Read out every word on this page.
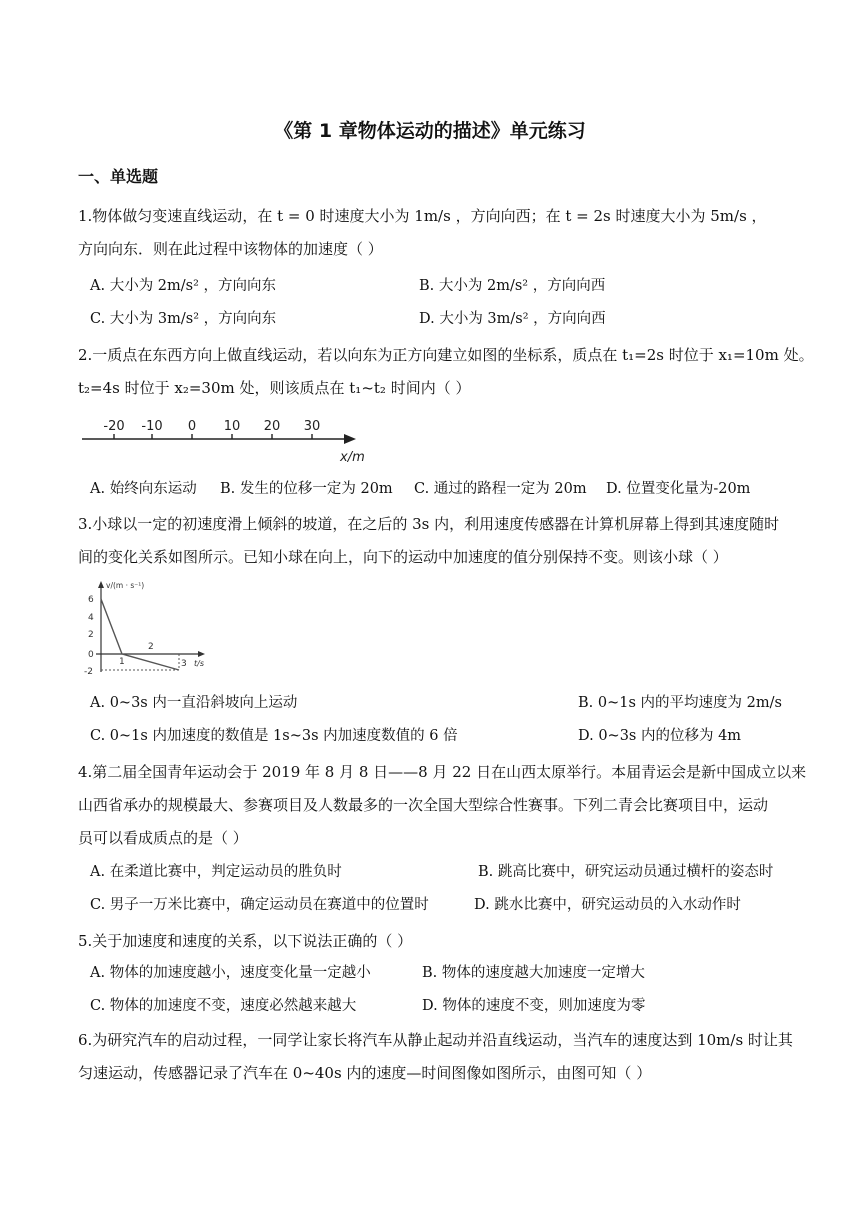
《第 1 章物体运动的描述》单元练习
一、单选题
1.物体做匀变速直线运动，在 t = 0 时速度大小为 1m/s ，方向向西；在 t = 2s 时速度大小为 5m/s ，
方向向东．则在此过程中该物体的加速度（ ）
A. 大小为 2m/s² ，方向向东	B. 大小为 2m/s² ，方向向西
C. 大小为 3m/s² ，方向向东	D. 大小为 3m/s² ，方向向西
2.一质点在东西方向上做直线运动，若以向东为正方向建立如图的坐标系，质点在 t₁=2s 时位于 x₁=10m 处。
t₂=4s 时位于 x₂=30m 处，则该质点在 t₁~t₂ 时间内（ ）
-20 -10 0 10 20 30
x/m
A. 始终向东运动 B. 发生的位移一定为 20m C. 通过的路程一定为 20m D. 位置变化量为-20m
3.小球以一定的初速度滑上倾斜的坡道，在之后的 3s 内，利用速度传感器在计算机屏幕上得到其速度随时
间的变化关系如图所示。已知小球在向上，向下的运动中加速度的值分别保持不变。则该小球（ ）
v/(m · s⁻¹)
t/s
6
4
2
0
-2
1
2
3
A. 0~3s 内一直沿斜坡向上运动	B. 0~1s 内的平均速度为 2m/s
C. 0~1s 内加速度的数值是 1s~3s 内加速度数值的 6 倍	D. 0~3s 内的位移为 4m
4.第二届全国青年运动会于 2019 年 8 月 8 日——8 月 22 日在山西太原举行。本届青运会是新中国成立以来
山西省承办的规模最大、参赛项目及人数最多的一次全国大型综合性赛事。下列二青会比赛项目中，运动
员可以看成质点的是（ ）
A. 在柔道比赛中，判定运动员的胜负时	B. 跳高比赛中，研究运动员通过横杆的姿态时
C. 男子一万米比赛中，确定运动员在赛道中的位置时	D. 跳水比赛中，研究运动员的入水动作时
5.关于加速度和速度的关系，以下说法正确的（ ）
A. 物体的加速度越小，速度变化量一定越小	B. 物体的速度越大加速度一定增大
C. 物体的加速度不变，速度必然越来越大	D. 物体的速度不变，则加速度为零
6.为研究汽车的启动过程，一同学让家长将汽车从静止起动并沿直线运动，当汽车的速度达到 10m/s 时让其
匀速运动，传感器记录了汽车在 0~40s 内的速度—时间图像如图所示，由图可知（ ）
